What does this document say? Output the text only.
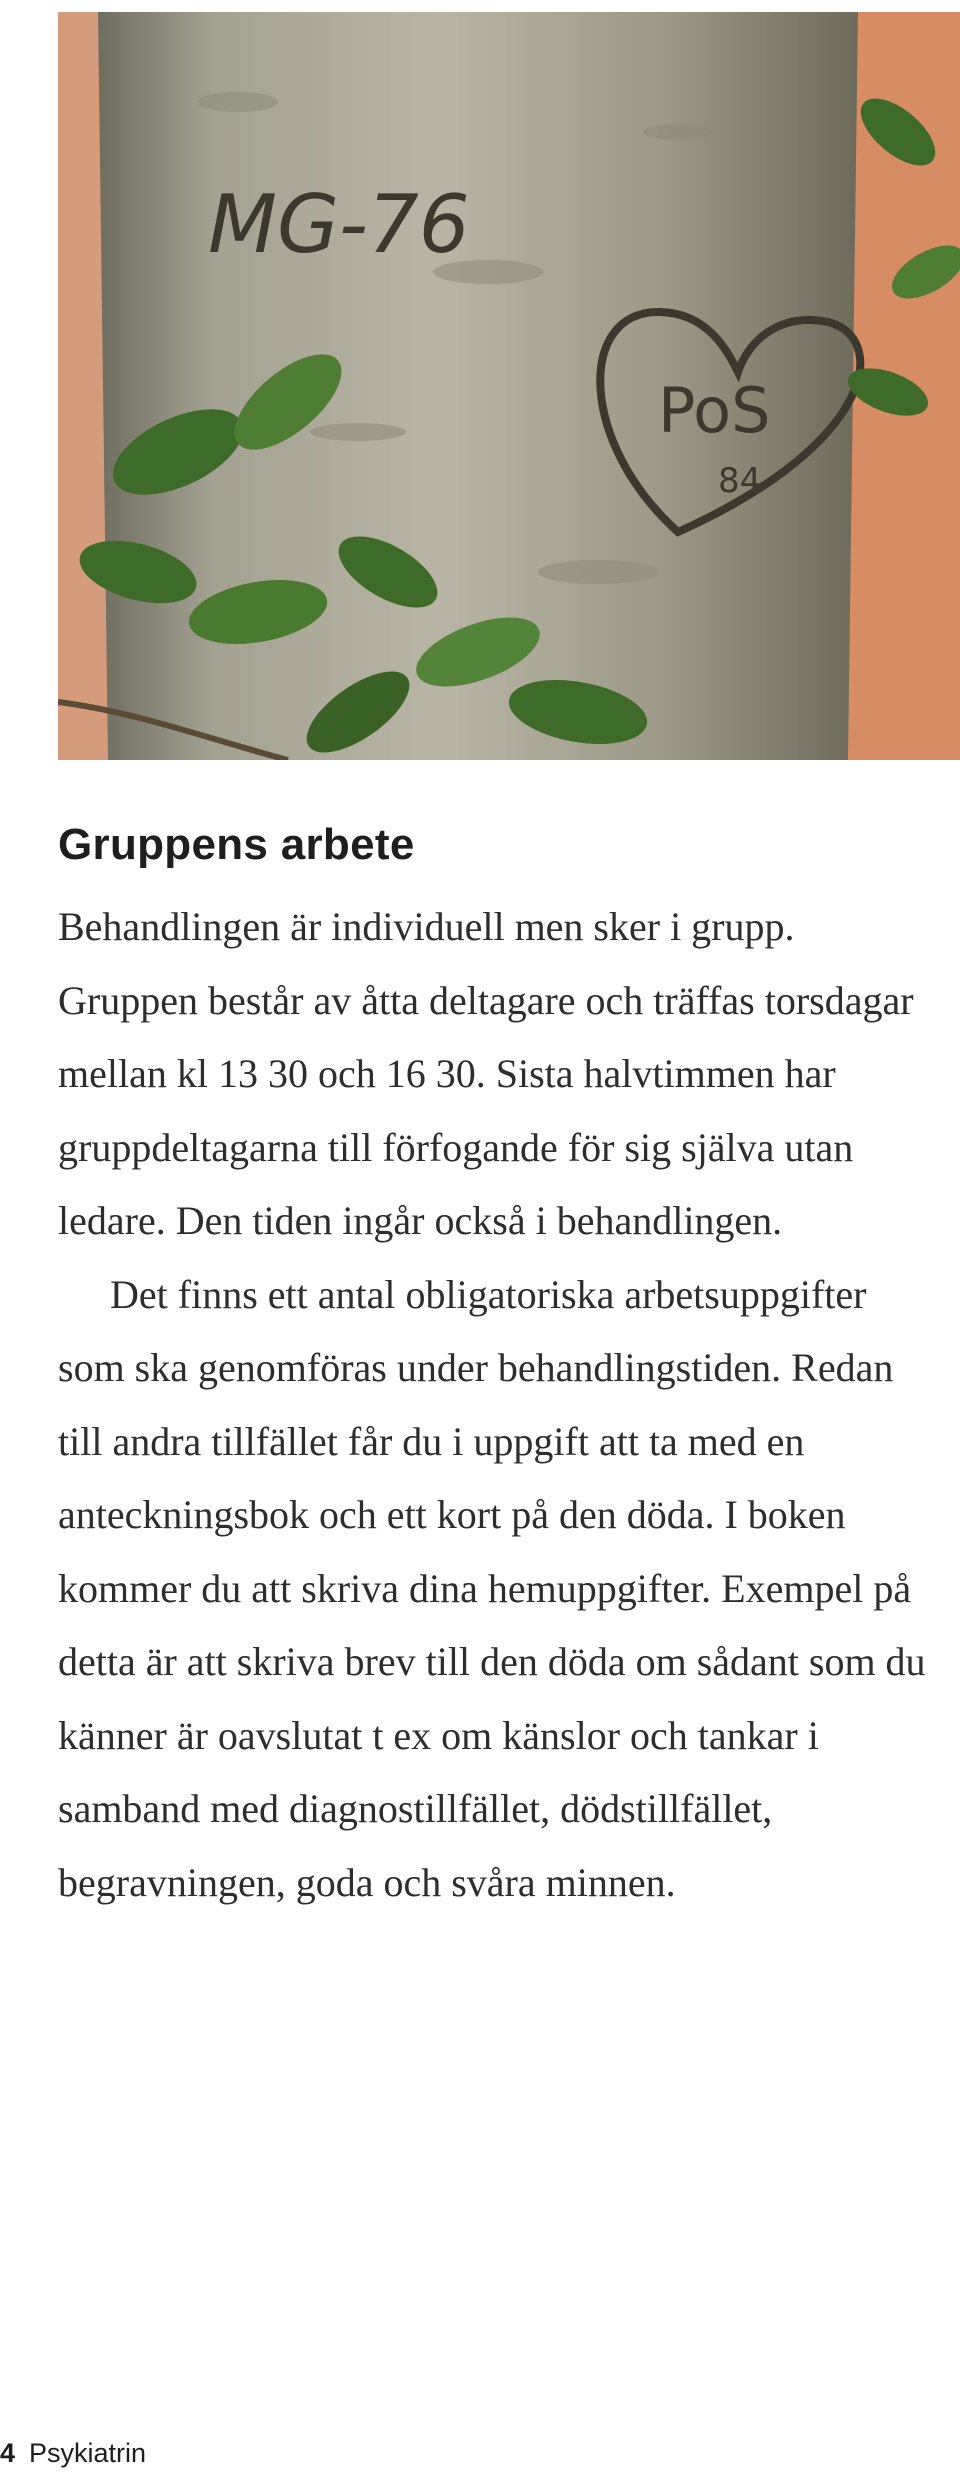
MG-76
PoS
84
Gruppens arbete

Behandlingen är individuell men sker i grupp. Gruppen består av åtta deltagare och träffas torsdagar mellan kl 13 30 och 16 30. Sista halvtimmen har gruppdeltagarna till förfogande för sig själva utan ledare. Den tiden ingår också i behandlingen.

Det finns ett antal obligatoriska arbetsuppgifter som ska genomföras under behandlingstiden. Redan till andra tillfället får du i uppgift att ta med en anteckningsbok och ett kort på den döda. I boken kommer du att skriva dina hemuppgifter. Exempel på detta är att skriva brev till den döda om sådant som du känner är oavslutat t ex om känslor och tankar i samband med diagnostillfället, dödstillfället, begravningen, goda och svåra minnen.

4 Psykiatrin
